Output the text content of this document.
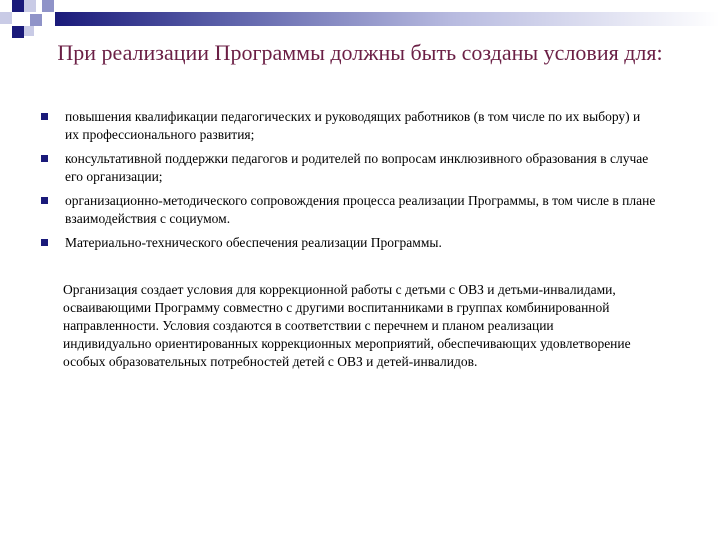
При реализации Программы должны быть созданы условия для:
повышения квалификации педагогических и руководящих работников (в том числе по их выбору) и их профессионального развития;
консультативной поддержки педагогов и родителей по вопросам инклюзивного образования в случае его организации;
организационно-методического сопровождения процесса реализации Программы, в том числе в плане взаимодействия с социумом.
Материально-технического обеспечения реализации Программы.

Организация создает условия для коррекционной работы с детьми с ОВЗ и детьми-инвалидами, осваивающими Программу совместно с другими воспитанниками в группах комбинированной направленности. Условия создаются в соответствии с перечнем и планом реализации индивидуально ориентированных коррекционных мероприятий, обеспечивающих удовлетворение особых образовательных потребностей детей с ОВЗ и детей-инвалидов.
